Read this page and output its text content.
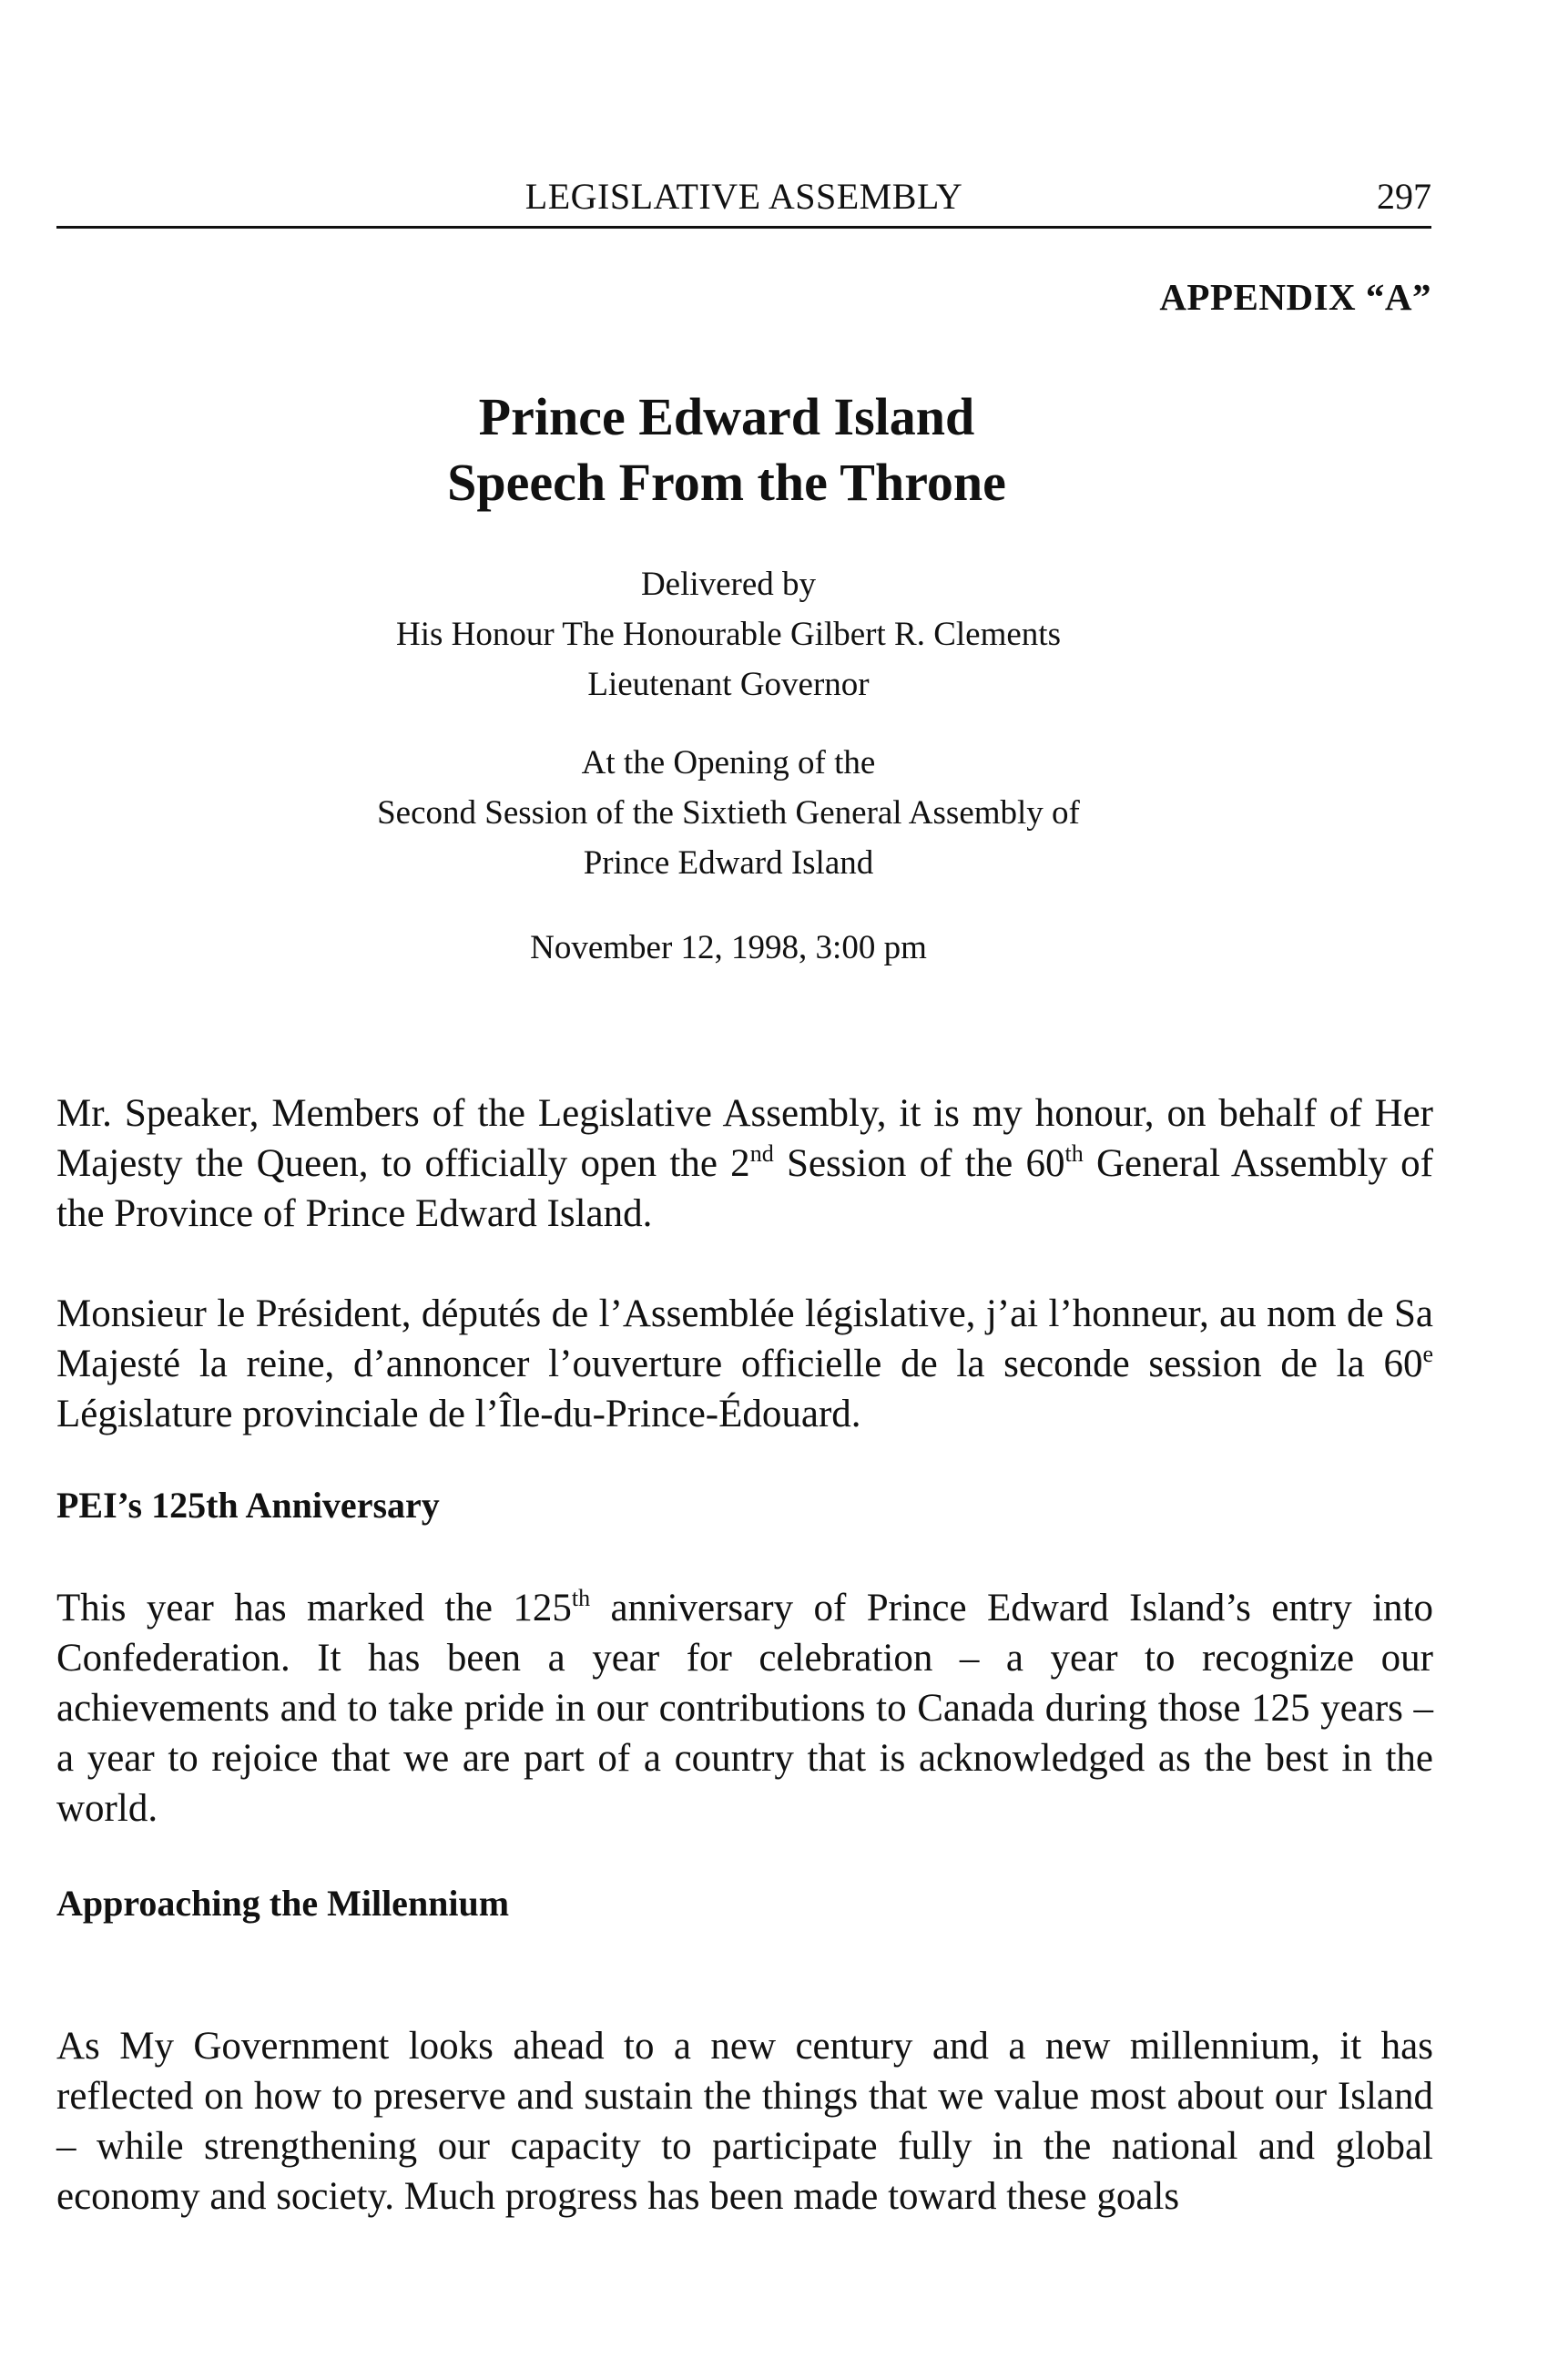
LEGISLATIVE ASSEMBLY	297
APPENDIX “A”
Prince Edward Island
Speech From the Throne
Delivered by
His Honour The Honourable Gilbert R. Clements
Lieutenant Governor
At the Opening of the
Second Session of the Sixtieth General Assembly of
Prince Edward Island
November 12, 1998, 3:00 pm

Mr. Speaker, Members of the Legislative Assembly, it is my honour, on behalf of Her Majesty the Queen, to officially open the 2nd Session of the 60th General Assembly of the Province of Prince Edward Island.

Monsieur le Président, députés de l’Assemblée législative, j’ai l’honneur, au nom de Sa Majesté la reine, d’annoncer l’ouverture officielle de la seconde session de la 60e Législature provinciale de l’Île-du-Prince-Édouard.

PEI’s 125th Anniversary

This year has marked the 125th anniversary of Prince Edward Island’s entry into Confederation. It has been a year for celebration – a year to recognize our achievements and to take pride in our contributions to Canada during those 125 years – a year to rejoice that we are part of a country that is acknowledged as the best in the world.

Approaching the Millennium

As My Government looks ahead to a new century and a new millennium, it has reflected on how to preserve and sustain the things that we value most about our Island – while strengthening our capacity to participate fully in the national and global economy and society. Much progress has been made toward these goals
